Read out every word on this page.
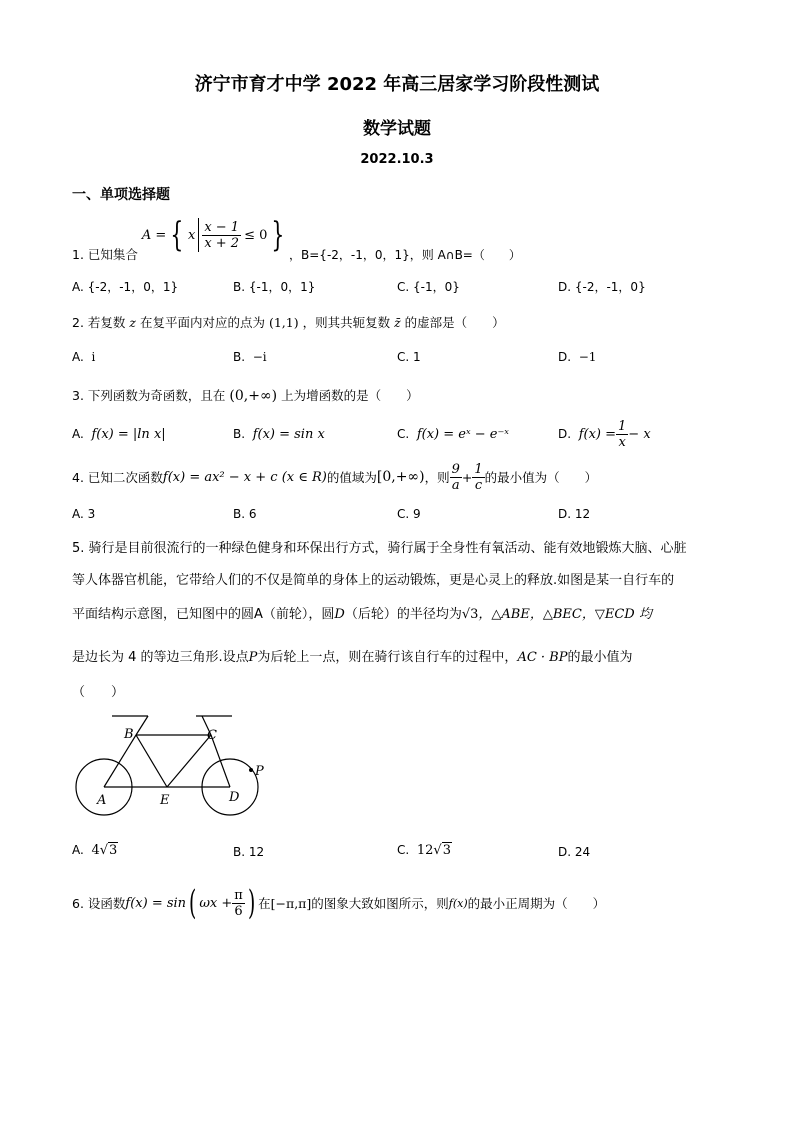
济宁市育才中学 2022 年高三居家学习阶段性测试
数学试题
2022.10.3
一、单项选择题
1. 已知集合
A = { x $\frac{x - 1}{x + 2} \le 0$ } ，B={-2，-1，0，1}，则 A∩B=（　　）
A. {-2，-1，0，1}	B. {-1，0，1}	C. {-1，0}	D. {-2，-1，0}
2. 若复数 z 在复平面内对应的点为 (1,1) ，则其共轭复数 z̄ 的虚部是（　　）
A. i	B. −i	C. 1	D. −1
3. 下列函数为奇函数，且在 (0,+∞) 上为增函数的是（　　）
A. f(x) = |ln x|	B. f(x) = sin x	C. f(x) = eˣ − e⁻ˣ	D.
$f(x) = \frac{1}{x} - x$
4. 已知二次函数 f(x) = ax² − x + c (x ∈ R) 的值域为 [0,+∞) ，则 $\frac{9}{a} + \frac{1}{c}$ 的最小值为（　　）
A. 3	B. 6	C. 9	D. 12
5. 骑行是目前很流行的一种绿色健身和环保出行方式，骑行属于全身性有氧活动、能有效地锻炼大脑、心脏
等人体器官机能，它带给人们的不仅是简单的身体上的运动锻炼，更是心灵上的释放.如图是某一自行车的
平面结构示意图，已知图中的圆A（前轮），圆D（后轮）的半径均为√3，△ABE，△BEC，▽ECD 均
是边长为 4 的等边三角形.设点P为后轮上一点，则在骑行该自行车的过程中，AC · BP的最小值为
（　　）
A
B	C
D
E
P
A. 4√3	B. 12	C. 12√3	D. 24
6. 设函数 f(x) = sin ( $\omega x + \frac{\pi}{6}$ ) 在 [−π,π] 的图象大致如图所示，则 f(x) 的最小正周期为（　　）
